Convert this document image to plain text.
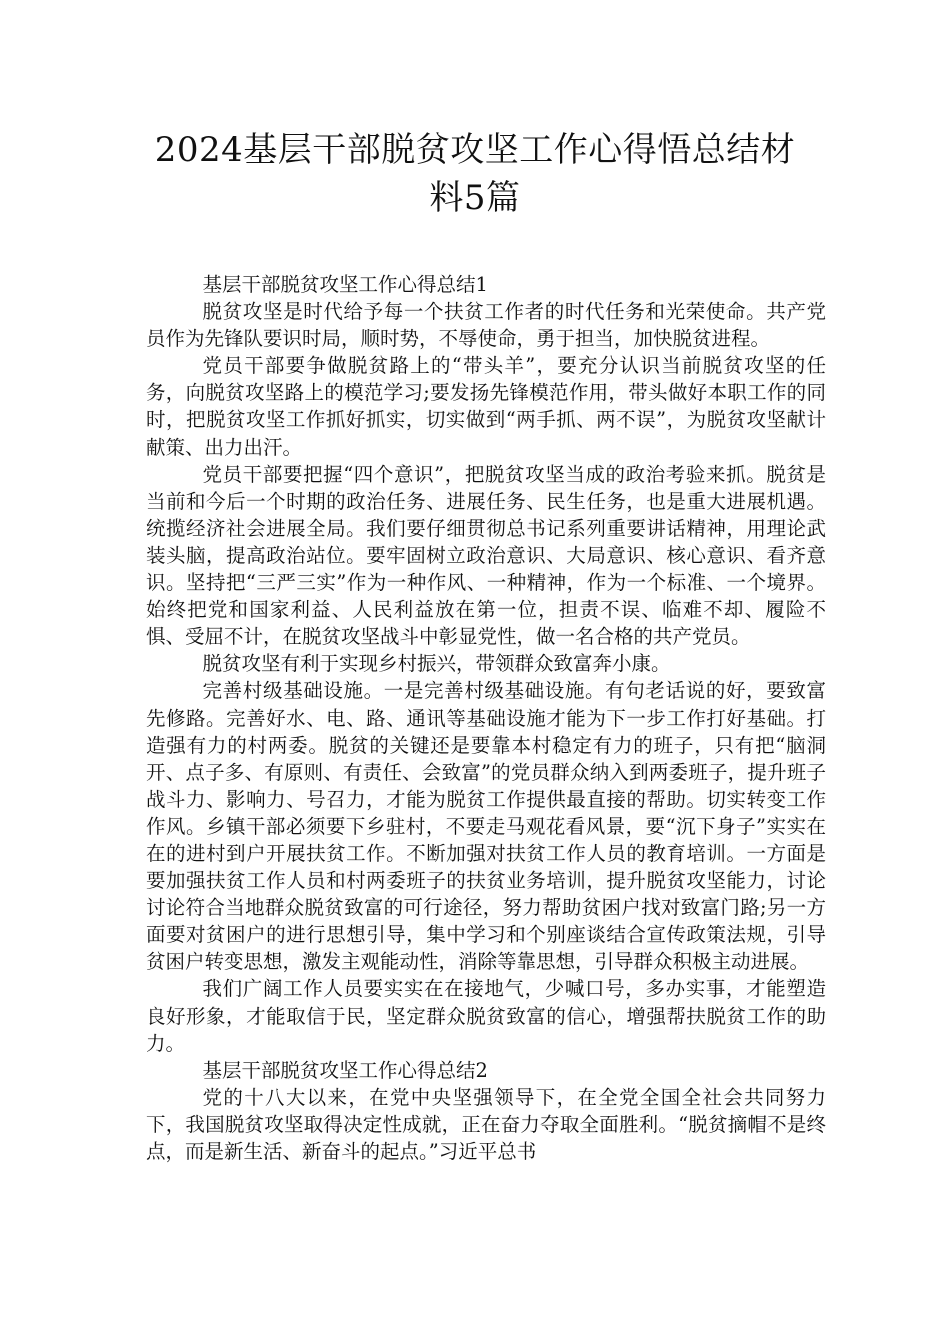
2024基层干部脱贫攻坚工作心得悟总结材
料5篇

基层干部脱贫攻坚工作心得总结1

脱贫攻坚是时代给予每一个扶贫工作者的时代任务和光荣使命。共产党员作为先锋队要识时局，顺时势，不辱使命，勇于担当，加快脱贫进程。

党员干部要争做脱贫路上的“带头羊”，要充分认识当前脱贫攻坚的任务，向脱贫攻坚路上的模范学习;要发扬先锋模范作用，带头做好本职工作的同时，把脱贫攻坚工作抓好抓实，切实做到“两手抓、两不误”，为脱贫攻坚献计献策、出力出汗。

党员干部要把握“四个意识”，把脱贫攻坚当成的政治考验来抓。脱贫是当前和今后一个时期的政治任务、进展任务、民生任务，也是重大进展机遇。统揽经济社会进展全局。我们要仔细贯彻总书记系列重要讲话精神，用理论武装头脑，提高政治站位。要牢固树立政治意识、大局意识、核心意识、看齐意识。坚持把“三严三实”作为一种作风、一种精神，作为一个标准、一个境界。始终把党和国家利益、人民利益放在第一位，担责不误、临难不却、履险不惧、受屈不计，在脱贫攻坚战斗中彰显党性，做一名合格的共产党员。

脱贫攻坚有利于实现乡村振兴，带领群众致富奔小康。

完善村级基础设施。一是完善村级基础设施。有句老话说的好，要致富先修路。完善好水、电、路、通讯等基础设施才能为下一步工作打好基础。打造强有力的村两委。脱贫的关键还是要靠本村稳定有力的班子，只有把“脑洞开、点子多、有原则、有责任、会致富”的党员群众纳入到两委班子，提升班子战斗力、影响力、号召力，才能为脱贫工作提供最直接的帮助。切实转变工作作风。乡镇干部必须要下乡驻村，不要走马观花看风景，要“沉下身子”实实在在的进村到户开展扶贫工作。不断加强对扶贫工作人员的教育培训。一方面是要加强扶贫工作人员和村两委班子的扶贫业务培训，提升脱贫攻坚能力，讨论讨论符合当地群众脱贫致富的可行途径，努力帮助贫困户找对致富门路;另一方面要对贫困户的进行思想引导，集中学习和个别座谈结合宣传政策法规，引导贫困户转变思想，激发主观能动性，消除等靠思想，引导群众积极主动进展。

我们广阔工作人员要实实在在接地气，少喊口号，多办实事，才能塑造良好形象，才能取信于民，坚定群众脱贫致富的信心，增强帮扶脱贫工作的助力。

基层干部脱贫攻坚工作心得总结2

党的十八大以来，在党中央坚强领导下，在全党全国全社会共同努力下，我国脱贫攻坚取得决定性成就，正在奋力夺取全面胜利。“脱贫摘帽不是终点，而是新生活、新奋斗的起点。”习近平总书
